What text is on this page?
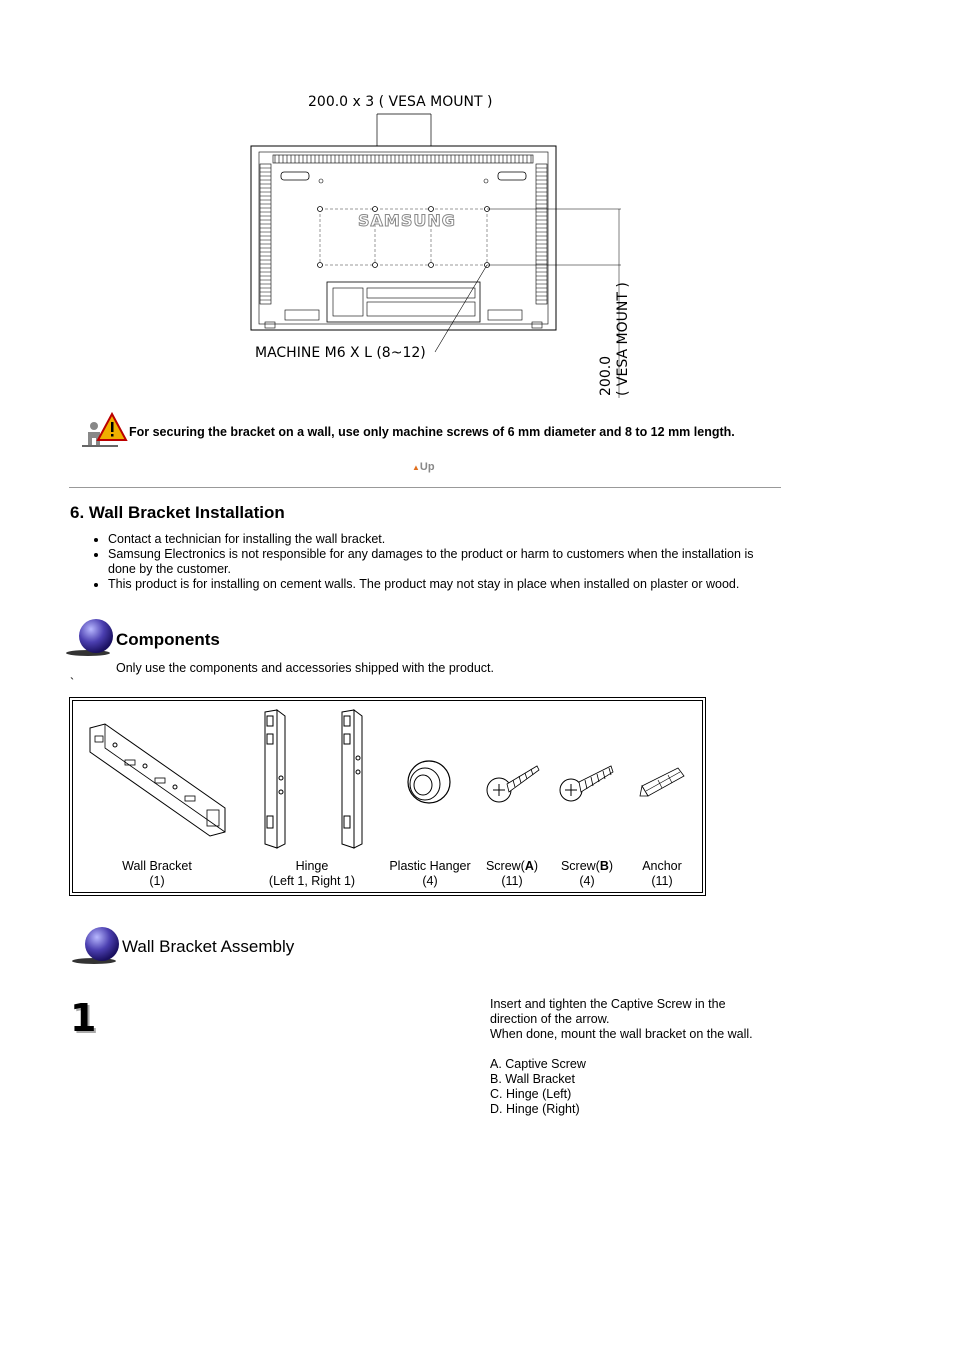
200.0 x 3 ( VESA MOUNT )
SAMSUNG
MACHINE M6 X L (8~12)
200.0 ( VESA MOUNT )
For securing the bracket on a wall, use only machine screws of 6 mm diameter and 8 to 12 mm length.
▲Up
6. Wall Bracket Installation
• Contact a technician for installing the wall bracket.
• Samsung Electronics is not responsible for any damages to the product or harm to customers when the installation is done by the customer.
• This product is for installing on cement walls. The product may not stay in place when installed on plaster or wood.
Components
Only use the components and accessories shipped with the product.
`
Wall Bracket
(1)
Hinge
(Left 1, Right 1)
Plastic Hanger
(4)
Screw(A)
(11)
Screw(B)
(4)
Anchor
(11)
Wall Bracket Assembly
1	Insert and tighten the Captive Screw in the direction of the arrow.
When done, mount the wall bracket on the wall.
A. Captive Screw
B. Wall Bracket
C. Hinge (Left)
D. Hinge (Right)
